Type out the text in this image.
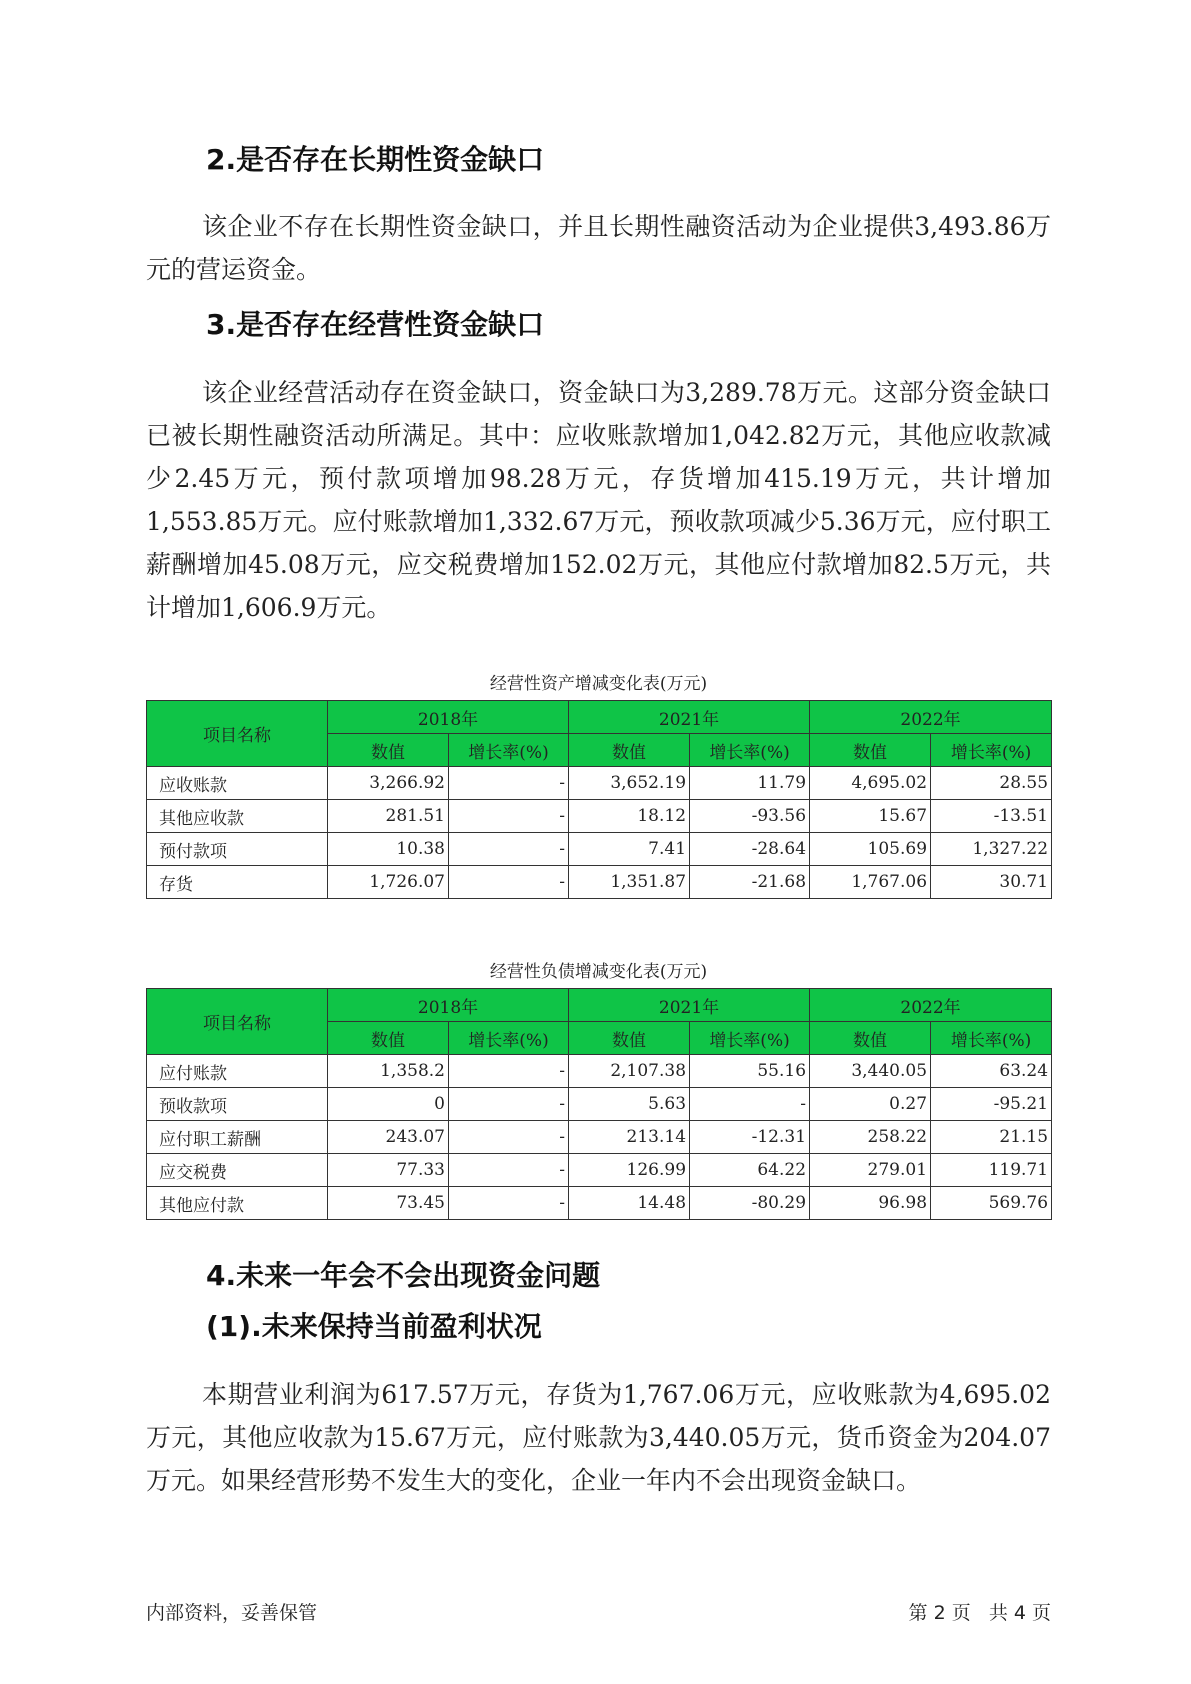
2.是否存在长期性资金缺口

该企业不存在长期性资金缺口，并且长期性融资活动为企业提供3,493.86万元的营运资金。

3.是否存在经营性资金缺口

该企业经营活动存在资金缺口，资金缺口为3,289.78万元。这部分资金缺口已被长期性融资活动所满足。其中：应收账款增加1,042.82万元，其他应收款减少2.45万元，预付款项增加98.28万元，存货增加415.19万元，共计增加1,553.85万元。应付账款增加1,332.67万元，预收款项减少5.36万元，应付职工薪酬增加45.08万元，应交税费增加152.02万元，其他应付款增加82.5万元，共计增加1,606.9万元。

经营性资产增减变化表(万元)
项目名称	2018年		2021年		2022年	
	数值	增长率(%)	数值	增长率(%)	数值	增长率(%)
应收账款	3,266.92	-	3,652.19	11.79	4,695.02	28.55
其他应收款	281.51	-	18.12	-93.56	15.67	-13.51
预付款项	10.38	-	7.41	-28.64	105.69	1,327.22
存货	1,726.07	-	1,351.87	-21.68	1,767.06	30.71
经营性负债增减变化表(万元)
项目名称	2018年		2021年		2022年	
	数值	增长率(%)	数值	增长率(%)	数值	增长率(%)
应付账款	1,358.2	-	2,107.38	55.16	3,440.05	63.24
预收款项	0	-	5.63	-	0.27	-95.21
应付职工薪酬	243.07	-	213.14	-12.31	258.22	21.15
应交税费	77.33	-	126.99	64.22	279.01	119.71
其他应付款	73.45	-	14.48	-80.29	96.98	569.76
4.未来一年会不会出现资金问题
(1).未来保持当前盈利状况

本期营业利润为617.57万元，存货为1,767.06万元，应收账款为4,695.02万元，其他应收款为15.67万元，应付账款为3,440.05万元，货币资金为204.07万元。如果经营形势不发生大的变化，企业一年内不会出现资金缺口。

内部资料，妥善保管	第 2 页   共 4 页
